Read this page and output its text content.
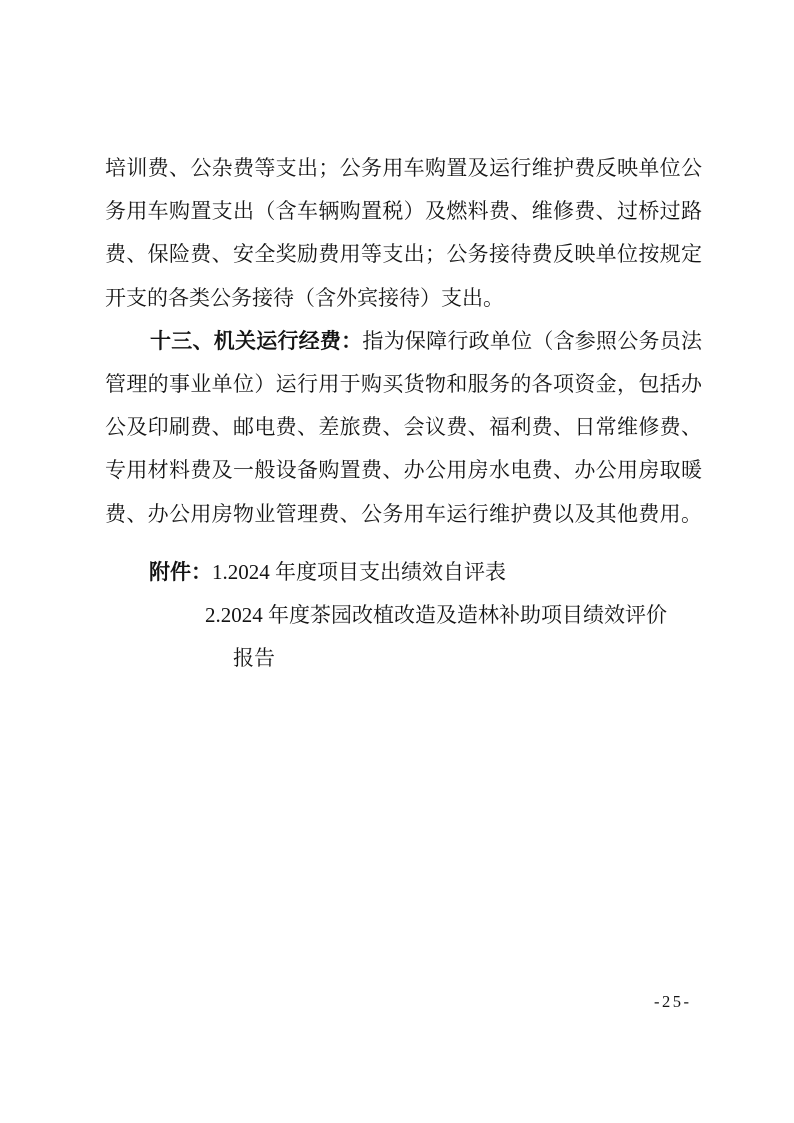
培训费、公杂费等支出；公务用车购置及运行维护费反映单位公
务用车购置支出（含车辆购置税）及燃料费、维修费、过桥过路
费、保险费、安全奖励费用等支出；公务接待费反映单位按规定
开支的各类公务接待（含外宾接待）支出。
十三、机关运行经费：指为保障行政单位（含参照公务员法
管理的事业单位）运行用于购买货物和服务的各项资金，包括办
公及印刷费、邮电费、差旅费、会议费、福利费、日常维修费、
专用材料费及一般设备购置费、办公用房水电费、办公用房取暖
费、办公用房物业管理费、公务用车运行维护费以及其他费用。
附件：1.2024 年度项目支出绩效自评表
2.2024 年度茶园改植改造及造林补助项目绩效评价
报告
-25-
